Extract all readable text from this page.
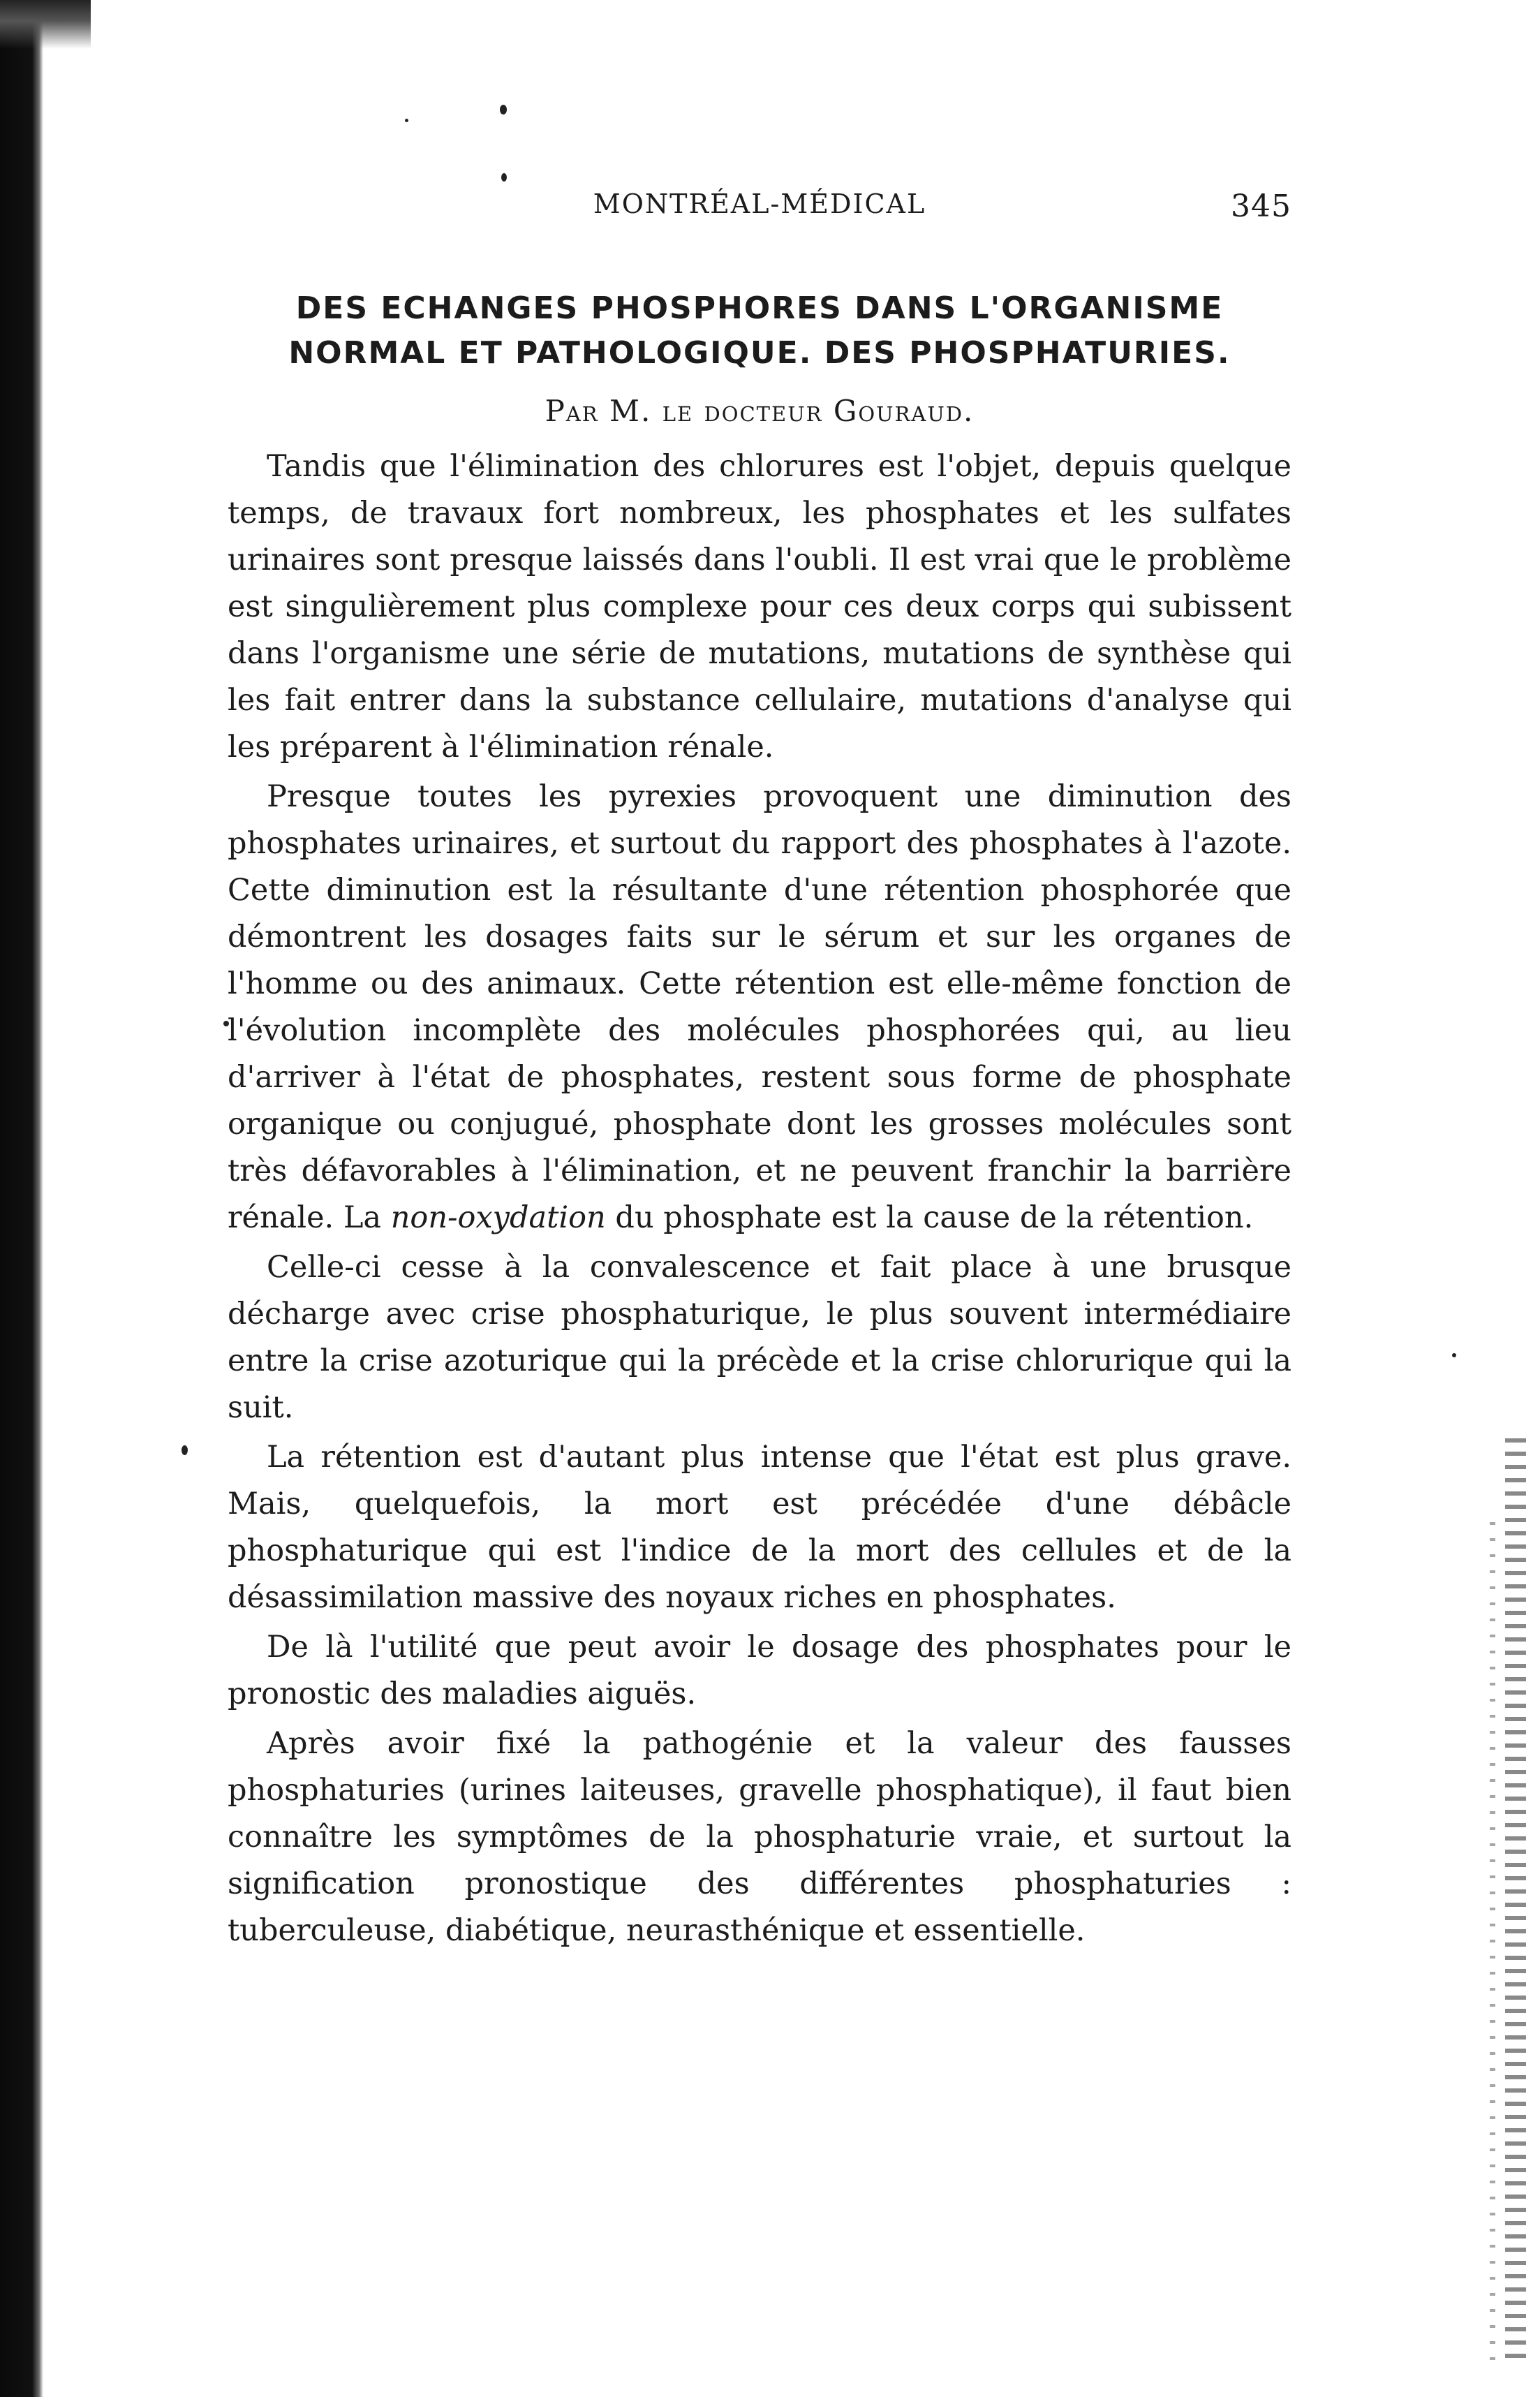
MONTRÉAL-MÉDICAL	345
DES ECHANGES PHOSPHORES DANS L'ORGANISME
NORMAL ET PATHOLOGIQUE. DES PHOSPHATURIES.
Par M. le docteur Gouraud.

Tandis que l'élimination des chlorures est l'objet, depuis quelque temps, de travaux fort nombreux, les phosphates et les sulfates urinaires sont presque laissés dans l'oubli. Il est vrai que le problème est singulièrement plus complexe pour ces deux corps qui subissent dans l'organisme une série de mutations, mutations de synthèse qui les fait entrer dans la substance cellulaire, mutations d'analyse qui les préparent à l'élimination rénale.

Presque toutes les pyrexies provoquent une diminution des phosphates urinaires, et surtout du rapport des phosphates à l'azote. Cette diminution est la résultante d'une rétention phosphorée que démontrent les dosages faits sur le sérum et sur les organes de l'homme ou des animaux. Cette rétention est elle-même fonction de l'évolution incomplète des molécules phosphorées qui, au lieu d'arriver à l'état de phosphates, restent sous forme de phosphate organique ou conjugué, phosphate dont les grosses molécules sont très défavorables à l'élimination, et ne peuvent franchir la barrière rénale. La non-oxydation du phosphate est la cause de la rétention.

Celle-ci cesse à la convalescence et fait place à une brusque décharge avec crise phosphaturique, le plus souvent intermédiaire entre la crise azoturique qui la précède et la crise chlorurique qui la suit.

La rétention est d'autant plus intense que l'état est plus grave. Mais, quelquefois, la mort est précédée d'une débâcle phosphaturique qui est l'indice de la mort des cellules et de la désassimilation massive des noyaux riches en phosphates.

De là l'utilité que peut avoir le dosage des phosphates pour le pronostic des maladies aiguës.

Après avoir fixé la pathogénie et la valeur des fausses phosphaturies (urines laiteuses, gravelle phosphatique), il faut bien connaître les symptômes de la phosphaturie vraie, et surtout la signification pronostique des différentes phosphaturies : tuberculeuse, diabétique, neurasthénique et essentielle.
